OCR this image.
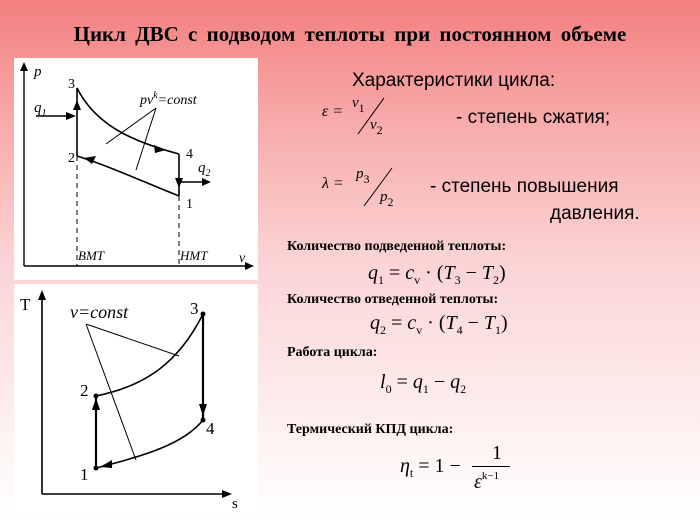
Цикл ДВС с подводом теплоты при постоянном объеме
p
v
3
2	4
1
$q_1$
$q_2$
$pv^k=const$
ВМТ	НМТ
T
s
v=const
2
1
3
4
Характеристики цикла:
$\varepsilon = v_1$
$v_2$
- степень сжатия;
λ =
$p_3$
$p_2$
- степень повышения
давления.
Количество подведенной теплоты:
$q_1 = c_v \cdot (T_3 - T_2)$
Количество отведенной теплоты:
$q_2 = c_v \cdot (T_4 - T_1)$
Работа цикла:
$l_0 = q_1 - q_2$
Термический КПД цикла:
$\eta_t = 1$ −
1
$\varepsilon^{k-1}$
